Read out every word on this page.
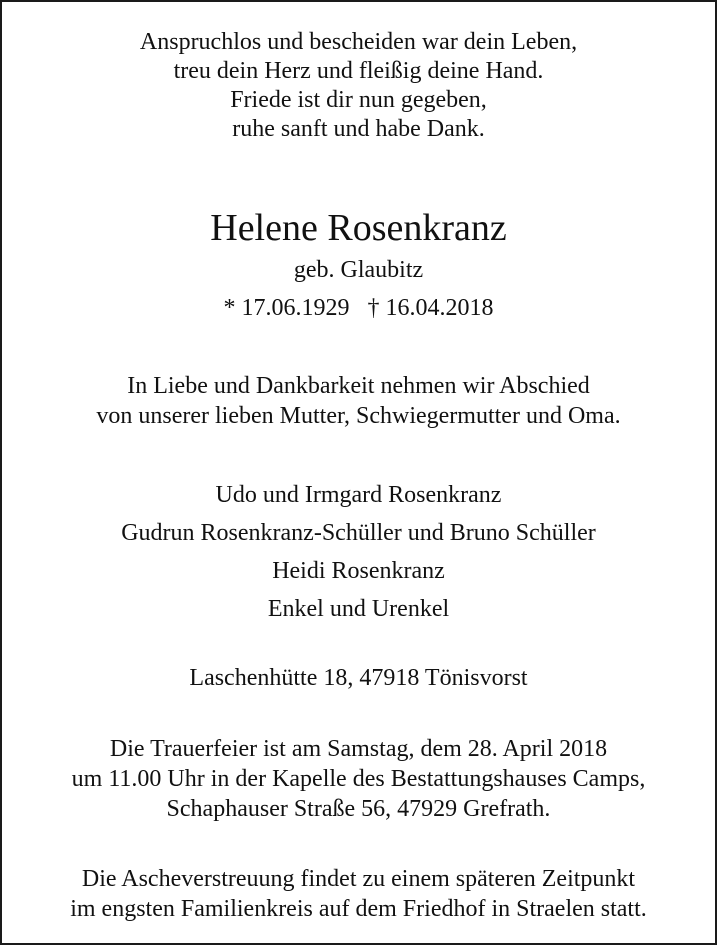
Anspruchlos und bescheiden war dein Leben,
treu dein Herz und fleißig deine Hand.
Friede ist dir nun gegeben,
ruhe sanft und habe Dank.
Helene Rosenkranz
geb. Glaubitz
* 17.06.1929   † 16.04.2018
In Liebe und Dankbarkeit nehmen wir Abschied
von unserer lieben Mutter, Schwiegermutter und Oma.
Udo und Irmgard Rosenkranz
Gudrun Rosenkranz-Schüller und Bruno Schüller
Heidi Rosenkranz
Enkel und Urenkel
Laschenhütte 18, 47918 Tönisvorst
Die Trauerfeier ist am Samstag, dem 28. April 2018
um 11.00 Uhr in der Kapelle des Bestattungshauses Camps,
Schaphauser Straße 56, 47929 Grefrath.
Die Ascheverstreuung findet zu einem späteren Zeitpunkt
im engsten Familienkreis auf dem Friedhof in Straelen statt.
